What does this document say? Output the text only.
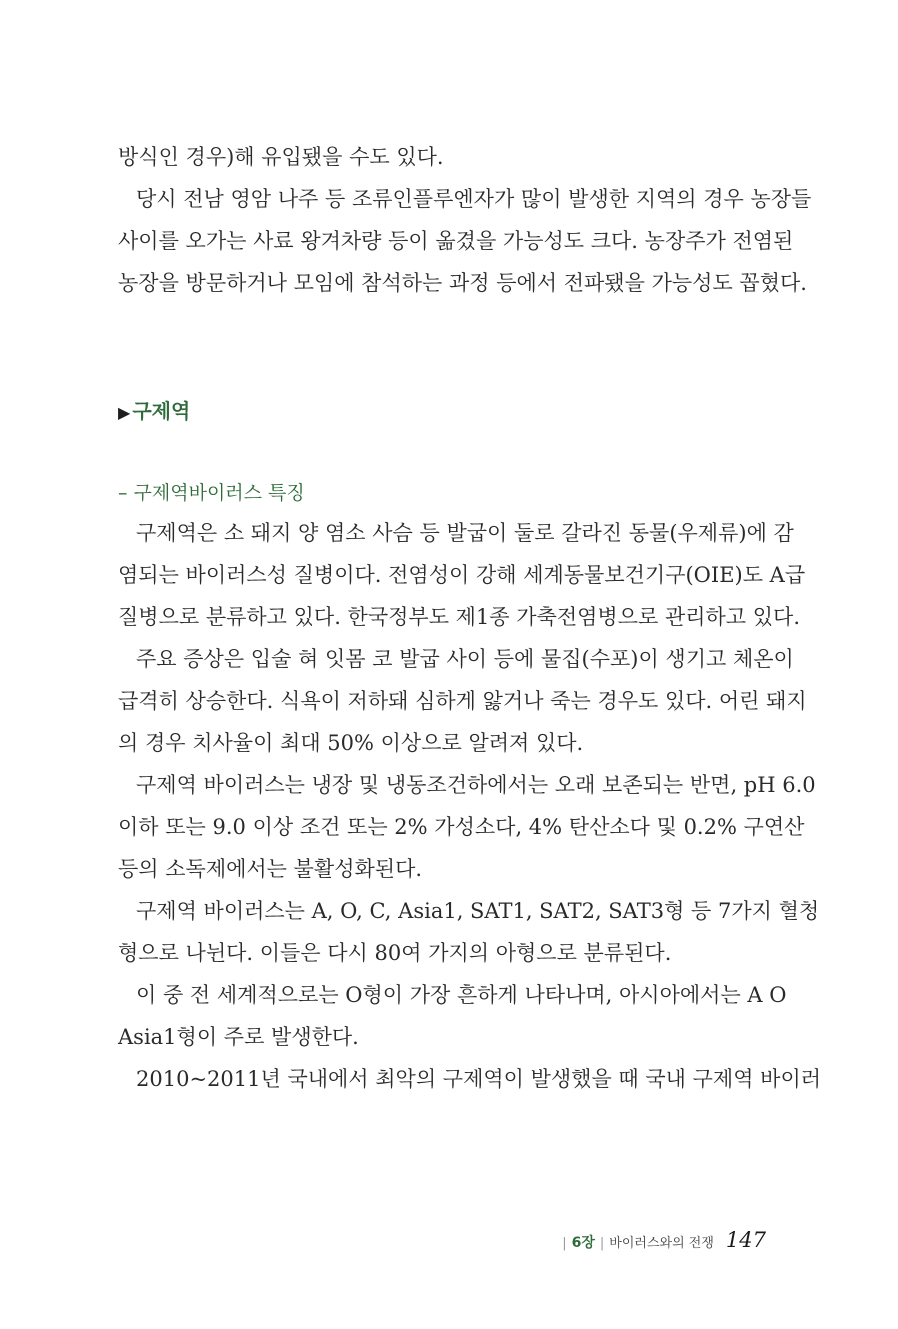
방식인 경우)해 유입됐을 수도 있다.
당시 전남 영암 나주 등 조류인플루엔자가 많이 발생한 지역의 경우 농장들
사이를 오가는 사료 왕겨차량 등이 옮겼을 가능성도 크다. 농장주가 전염된
농장을 방문하거나 모임에 참석하는 과정 등에서 전파됐을 가능성도 꼽혔다.
▶ 구제역
– 구제역바이러스 특징
구제역은 소 돼지 양 염소 사슴 등 발굽이 둘로 갈라진 동물(우제류)에 감
염되는 바이러스성 질병이다. 전염성이 강해 세계동물보건기구(OIE)도 A급
질병으로 분류하고 있다. 한국정부도 제1종 가축전염병으로 관리하고 있다.
주요 증상은 입술 혀 잇몸 코 발굽 사이 등에 물집(수포)이 생기고 체온이
급격히 상승한다. 식욕이 저하돼 심하게 앓거나 죽는 경우도 있다. 어린 돼지
의 경우 치사율이 최대 50% 이상으로 알려져 있다.
구제역 바이러스는 냉장 및 냉동조건하에서는 오래 보존되는 반면, pH 6.0
이하 또는 9.0 이상 조건 또는 2% 가성소다, 4% 탄산소다 및 0.2% 구연산
등의 소독제에서는 불활성화된다.
구제역 바이러스는 A, O, C, Asia1, SAT1, SAT2, SAT3형 등 7가지 혈청
형으로 나뉜다. 이들은 다시 80여 가지의 아형으로 분류된다.
이 중 전 세계적으로는 O형이 가장 흔하게 나타나며, 아시아에서는 A O
Asia1형이 주로 발생한다.
2010~2011년 국내에서 최악의 구제역이 발생했을 때 국내 구제역 바이러
| 6장 | 바이러스와의 전쟁 147
